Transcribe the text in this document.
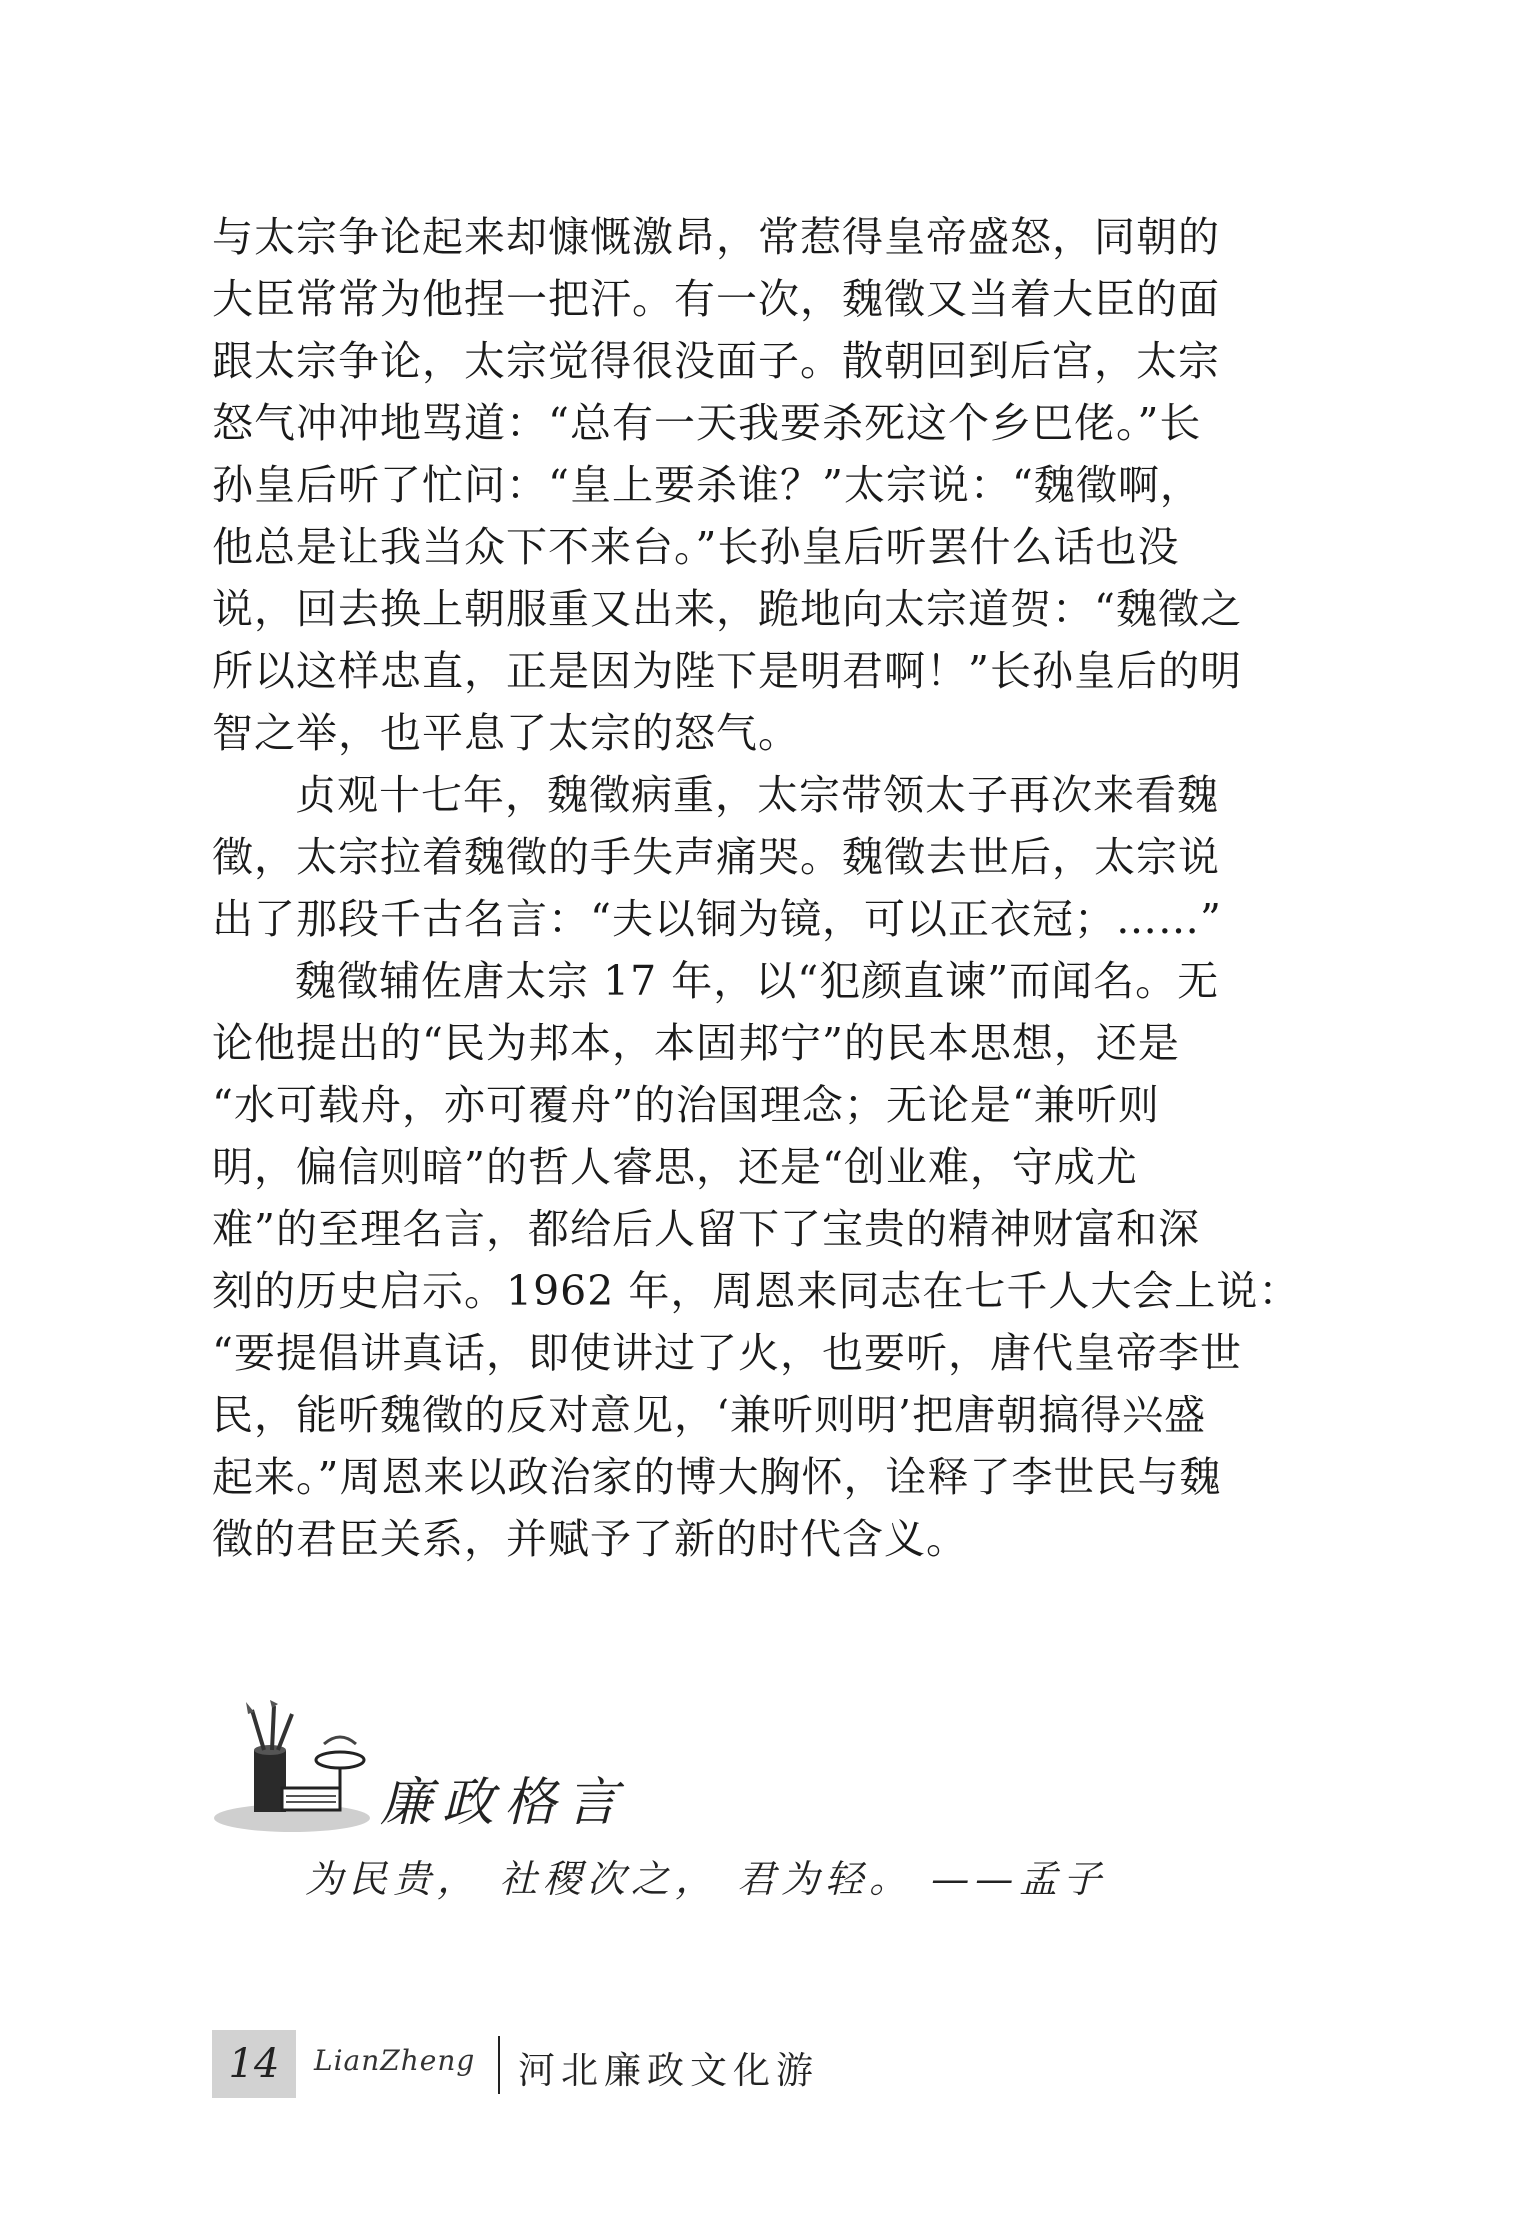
与太宗争论起来却慷慨激昂，常惹得皇帝盛怒，同朝的
大臣常常为他捏一把汗。有一次，魏徵又当着大臣的面
跟太宗争论，太宗觉得很没面子。散朝回到后宫，太宗
怒气冲冲地骂道：“总有一天我要杀死这个乡巴佬。”长
孙皇后听了忙问：“皇上要杀谁？”太宗说：“魏徵啊，
他总是让我当众下不来台。”长孙皇后听罢什么话也没
说，回去换上朝服重又出来，跪地向太宗道贺：“魏徵之
所以这样忠直，正是因为陛下是明君啊！”长孙皇后的明
智之举，也平息了太宗的怒气。
贞观十七年，魏徵病重，太宗带领太子再次来看魏
徵，太宗拉着魏徵的手失声痛哭。魏徵去世后，太宗说
出了那段千古名言：“夫以铜为镜，可以正衣冠；……”
魏徵辅佐唐太宗 17 年，以“犯颜直谏”而闻名。无
论他提出的“民为邦本，本固邦宁”的民本思想，还是
“水可载舟，亦可覆舟”的治国理念；无论是“兼听则
明，偏信则暗”的哲人睿思，还是“创业难，守成尤
难”的至理名言，都给后人留下了宝贵的精神财富和深
刻的历史启示。1962 年，周恩来同志在七千人大会上说：
“要提倡讲真话，即使讲过了火，也要听，唐代皇帝李世
民，能听魏徵的反对意见，‘兼听则明’把唐朝搞得兴盛
起来。”周恩来以政治家的博大胸怀，诠释了李世民与魏
徵的君臣关系，并赋予了新的时代含义。
廉政格言
为民贵， 社稷次之， 君为轻。 ——孟子
14	LianZheng 河北廉政文化游
